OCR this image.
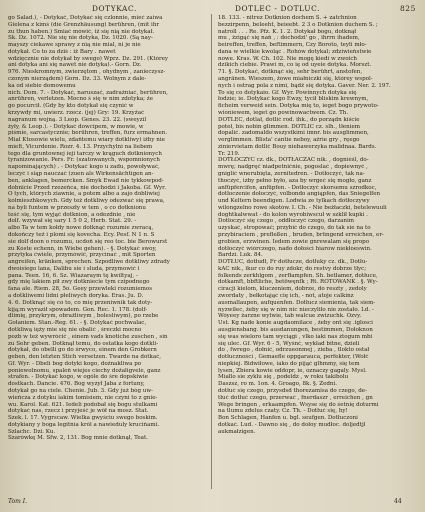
DOTYKAC.	DOTLEC - DOTLUC.	825
go Salad.), - Dotykać, Dotykać się czlonnie, mieć zaiwa
Gielena z kimś (die Grenzhäusung) berühren, (mit ihr
zu thun haben.) Śmiać mówić, iż się nią nie dotykał.
Sk. Dz. 1072. Nie się nie dotyka, Dz. 1020. (Są nay-
mayszy ciekawe sprawy z nią nie mial, ni je nie
dotykał. Co to za dziś : iż Bary . nawet
wdzięcznie nie dotykał by swego) Wprz. Dz. 291. (Którey
ani dotyka ani się nawet nie dotyka).- Gorn. Dz.
976. Nieskromnym, zwierzętom , ohydnym , zanieczysz-
czonym nierządem) Gorn. Dz. 33. Wolnym z dale-
ka od siebie domowemu
nich. Dom. 7. - Dotykać, naruszać, zadrażniać, berühren,
anrühren, verletzen. Mocno ś się w nim zdotyka; że
go pocurcił. (Gdy by kto dotykał się czynić w
krzywdy mi, uwierz. rzecz. (jej) Gry: 19. Krzyżać
nagranum wojną. 3 Leop. Genes. 23. 22. (sweyzil
żyły, & Leop.). - Dotykać dowcipem, w mowie, w
piśmie, sarcastycznie; berühren, treffen, furz ermahnen.
Mial Ktosowie wielu, zdańtemu wiary dotkliwy) iżby nie
mielt, Vicurdenie. Rozr. 4. 13. Przychylni na liebem
tego dla gruntownej ieji tarczy w krąguch dotknionych
tyranizowanie. Pers. Fr. (szatowanych, wspomnionych
napominających) . - Dotykać kogo u zadu, powoływać,
leczyć i siąp nauczać (zuen als Wirkensächtigen an-
ben, anklagen, bemercken. Smyk Ewad nie tykkowpod-
dobnicie Przed rzezeńca, nie dochodzi i Jakoba. Gf. Wyr.
O tych, których ziawnie, a potem albo a zajo dobliwiej
kolmieszhkowych. Gdy też dotkliwy odezwać się prawa,
na byli funtem w przeszły w tem , o co dotknionu
teść się, tym wyjąć dotknion, a odezdnie , nie
dolf. wzywał się sary 1 5 0 2, Herb. Stat. 29. -
albo Ta w tem kołdy nowe dotknąć rozumie zwracą,
dokończy też i plomi się kovecha. Ecy. Pesf. N 1 n. S
sie dolf doon o rozumu, ucdoń się reo toc. bie Berowurst
zu Koste echenn, in Wiebe gehen). - §. Dotykać swoy,
przytyka ćwiele, przymówić, przycinać , mit Sporten
angreifen, kränken, sprechen. Szpodliwe dotkliwy zdrady
dwoisiego lana, Dalibu sie i sluda, przymowić i
pana. Teen. 16, 6. Sz. Wiazaraym tę kwiltyaj, -
gdy mię lakiem pił zwy dotkniecie tym czipodnego
fana ale. Riem. 28, 5o. Geey przewleki rozumiemos
a dotkliwemi lidni płeliwych doryka. Eras. Ju. D.
4. 6. Dotknąć się co to, co mię przeniwnik tak doty-
kiją;m wyraził spowadem. Gon. Rec. 1. 178. (dolf-
dlimię, przykrym, obraźliwym , bolesliwym), po rzebe
Gołaniem. Stan.-Reg. 61. - §. Dotykać pochwalac,
dotkliwą ięży mie się nie obalić , śreczki mocno
pozb w też wywrócić , einem vads knotiche zuschen , sin
zu Sehr geben. Dotknął temu, do ostatka kogo dotkli-
dotykał, do obelli go do śrwyco, einem den Grobkern
geben, den letzten Stich versetzen. Twarde na dotkać,
Gf. Wyr. - Dbeli bog dotyki kogo, dożnakliwa po
poniewolnomu, spaleń wiejes ciechy dożaligvele, ganz
strafen. - Dotykać kogo, w ogóle do śre dopskiwie
dostkach. Dancie. 476. Bog wyzył Jaba z fortuny,
dotykał go na ciele. Chenie. Jub. 3. Gdy już bóg uw-
wieńcza z dotyku iakim tomisiem, nie czyni to z gnie-
wu. Karol. Kat. 621. Iedeli podobał się bogu stulkami
dotykać nas, rzecz i przyjeść je wół na mosz. Stat.
Szek. l. 17. Vygrscaw. Wielka gwyściu swego boskim.
dotykiany y boga legitnia król a nawieduly krucińami.
Szlachc. Dzi. Ku.
Szarówkę M. Sfw. 2, 131. Bog mnie dotknął, Teat.
18. 133. - nitrez Dotknion dochem S. + zatchnion
bezzirpenn, beleeht, beieebt. 2 3 o Dotknion duchem S. ;
natroll . . . Re. Pfz. K. 1. 2. Dotykał bogu, dotknął
mu , źzigąć się nań , : dochodzi' go , ihrrn ihadem,
beireffen, treffen, beftimmern, Czy Boroto, teyli mło-
dana w wielkie kwoląc . Rohów dotykal; zdziwieństwie
nowe. Kras. W. Ch. 102. Nie mogę kiedi w zwoich
dzikich ciebie. Prawi m, co ię od uyeie dotyka. Morszt.
71. §. Dotykać, dotknąć się, sehr berührt, anstofen,
angränen. Wieszem, żowe miałniczki się, którey wspol-
nych i ostrag pola z nimi, bądź się dotyka. Gaver. Ner. 2. 197.
To się co dotykaio. Gf. Wyr. Powinnych dotyka się
łodzie; ie. Dotykać kogo Ewzy, tycił bliskim krewnym,
ficheim verweid sein. Dotyka mię to, ieget bogo prywoto-
wioniewem, ieget go powinowactwem. Cz. Th.
DOTLEC, dotlał, dotlić rod. ihk., do porządn kiście
poteł, bis nobin glimmen. DOTLIC cz. slh., tłeniem
dopalić. zadomaldo wszystkimi imnr. bis ausglimmen,
verglimmen. Blista' cantie neboy, ażrie gry , ręego
ziniervietam dotlić Bouy niebawerzyka malidnaa. Bards.
Tr. 219.
DOTŁOCZYC cz. dk., DOTŁACZAC nik. , dogniéśl, do-
mwrę; nadgręć niadpetnićnie, pogoslać , dopiewnyć ,
gniglić wnerubięta, zernitedren. - Dotłoczyć, tak na-
thoczyć, izby pełno było, aza by wrgeć się mogło, ganz
anfüpfercifen, anfüpfen. - Dotłoczyć skorsemu szrodkoc,
dotłoczenie dołoczyć, volbondo angiąpfen, das Sniegelfen
und Keltern beendigen. Lodwia ze tylkach dotłoczywy
wilongzelno rowe skotów. I. Ch. - Nie beżłaczki, betelewuuli
doghtkalwwat - do kolon wyrobiwscuł w szklił kupki .
Dotłoczyć się czego , oddłoczyć czego, darzanim
uzyskać, stropować; przybić do czego, do tak sie na to
przybiraciem , prefleßen , bruden, brüngend erreichen, er-
grobien, erzwinen. Iedem zowie gnrewalam się propo
dotłoczyć wiórczego, nado dołości hiarow niekłoeswin.
Bardzi. Luk. 84.
DOTŁUC, dotłudł, Fr dotłucze, dotłuky cz. dk., Dotłu-
kAC nik., ikur co do ruy zdokr, do restvy dobrze tłyc;
folkends zerkhlgom , zerfłampfen. Sh. betłamer, dotłuce,
dotkamft, bbftliche, betöwęnfk ; Rt. ROTOWANK . §. Wy-
ciracji kielom, kluczeniem, dobrze, do reszty , zedoly
zwordaty , bełkotając cię ich, - not, atoje calkinz
ausmallaupen, aufquenfen. Dotłucz siemienia, tak siem-
nyzwilec, żeby się w nim nic nieczyliło nie zostało. Ld. -
Wóyeey żarzne wylwie, tab walcue zwizuchk. Ozvy.
Ust. Kg nade konie augdaomilace , źeby ont się .iglosci
ausgiensbang. bis ausdanungen, bestimmen, Dołoknon
się was wieloro tam wyciągi , vlko iaki nas ztogum mbi
się ulec. Gf. Wyr. 6 - 5, Wyśnć, wykład bitne, dzieli
do , fwrego , dołnić, odrzueonmej , zieba , tlokto ostał
dotłuczności , Gemaefle oppgarauca, perfekter, (Wołć
niepkiej. Bidwiłowe, iako do pijąć glhmmy, się tem
lysen, Zbiera kowie oddopr, ie, oznaczy gagaly. Mysl.
Miałlo sie zyklu się , podeldz , w roku takibolu
Daszsz, ro m. 1on. 4. Groago, 8k. §. Zedni.
dotłuć się czego, przysdsd thorezamisa do czego, de-
tłuć dotłuć czego, przerwać , fnerdaszr , erreichen , gn
Wege bringen , erkaampfen. Wsyse się do śetnię doturmi
na tlumu zdelus czaty. Cz. Th. - Dotłuć się, hy!
Bon Schlagen, Hanfen u. bgl. seufgen. Dotłuczoni
dotkać. Lud. - Dawno się , do dołoy mudłoc. doljedtjl
aukmałzigen.
Tom I.	44
